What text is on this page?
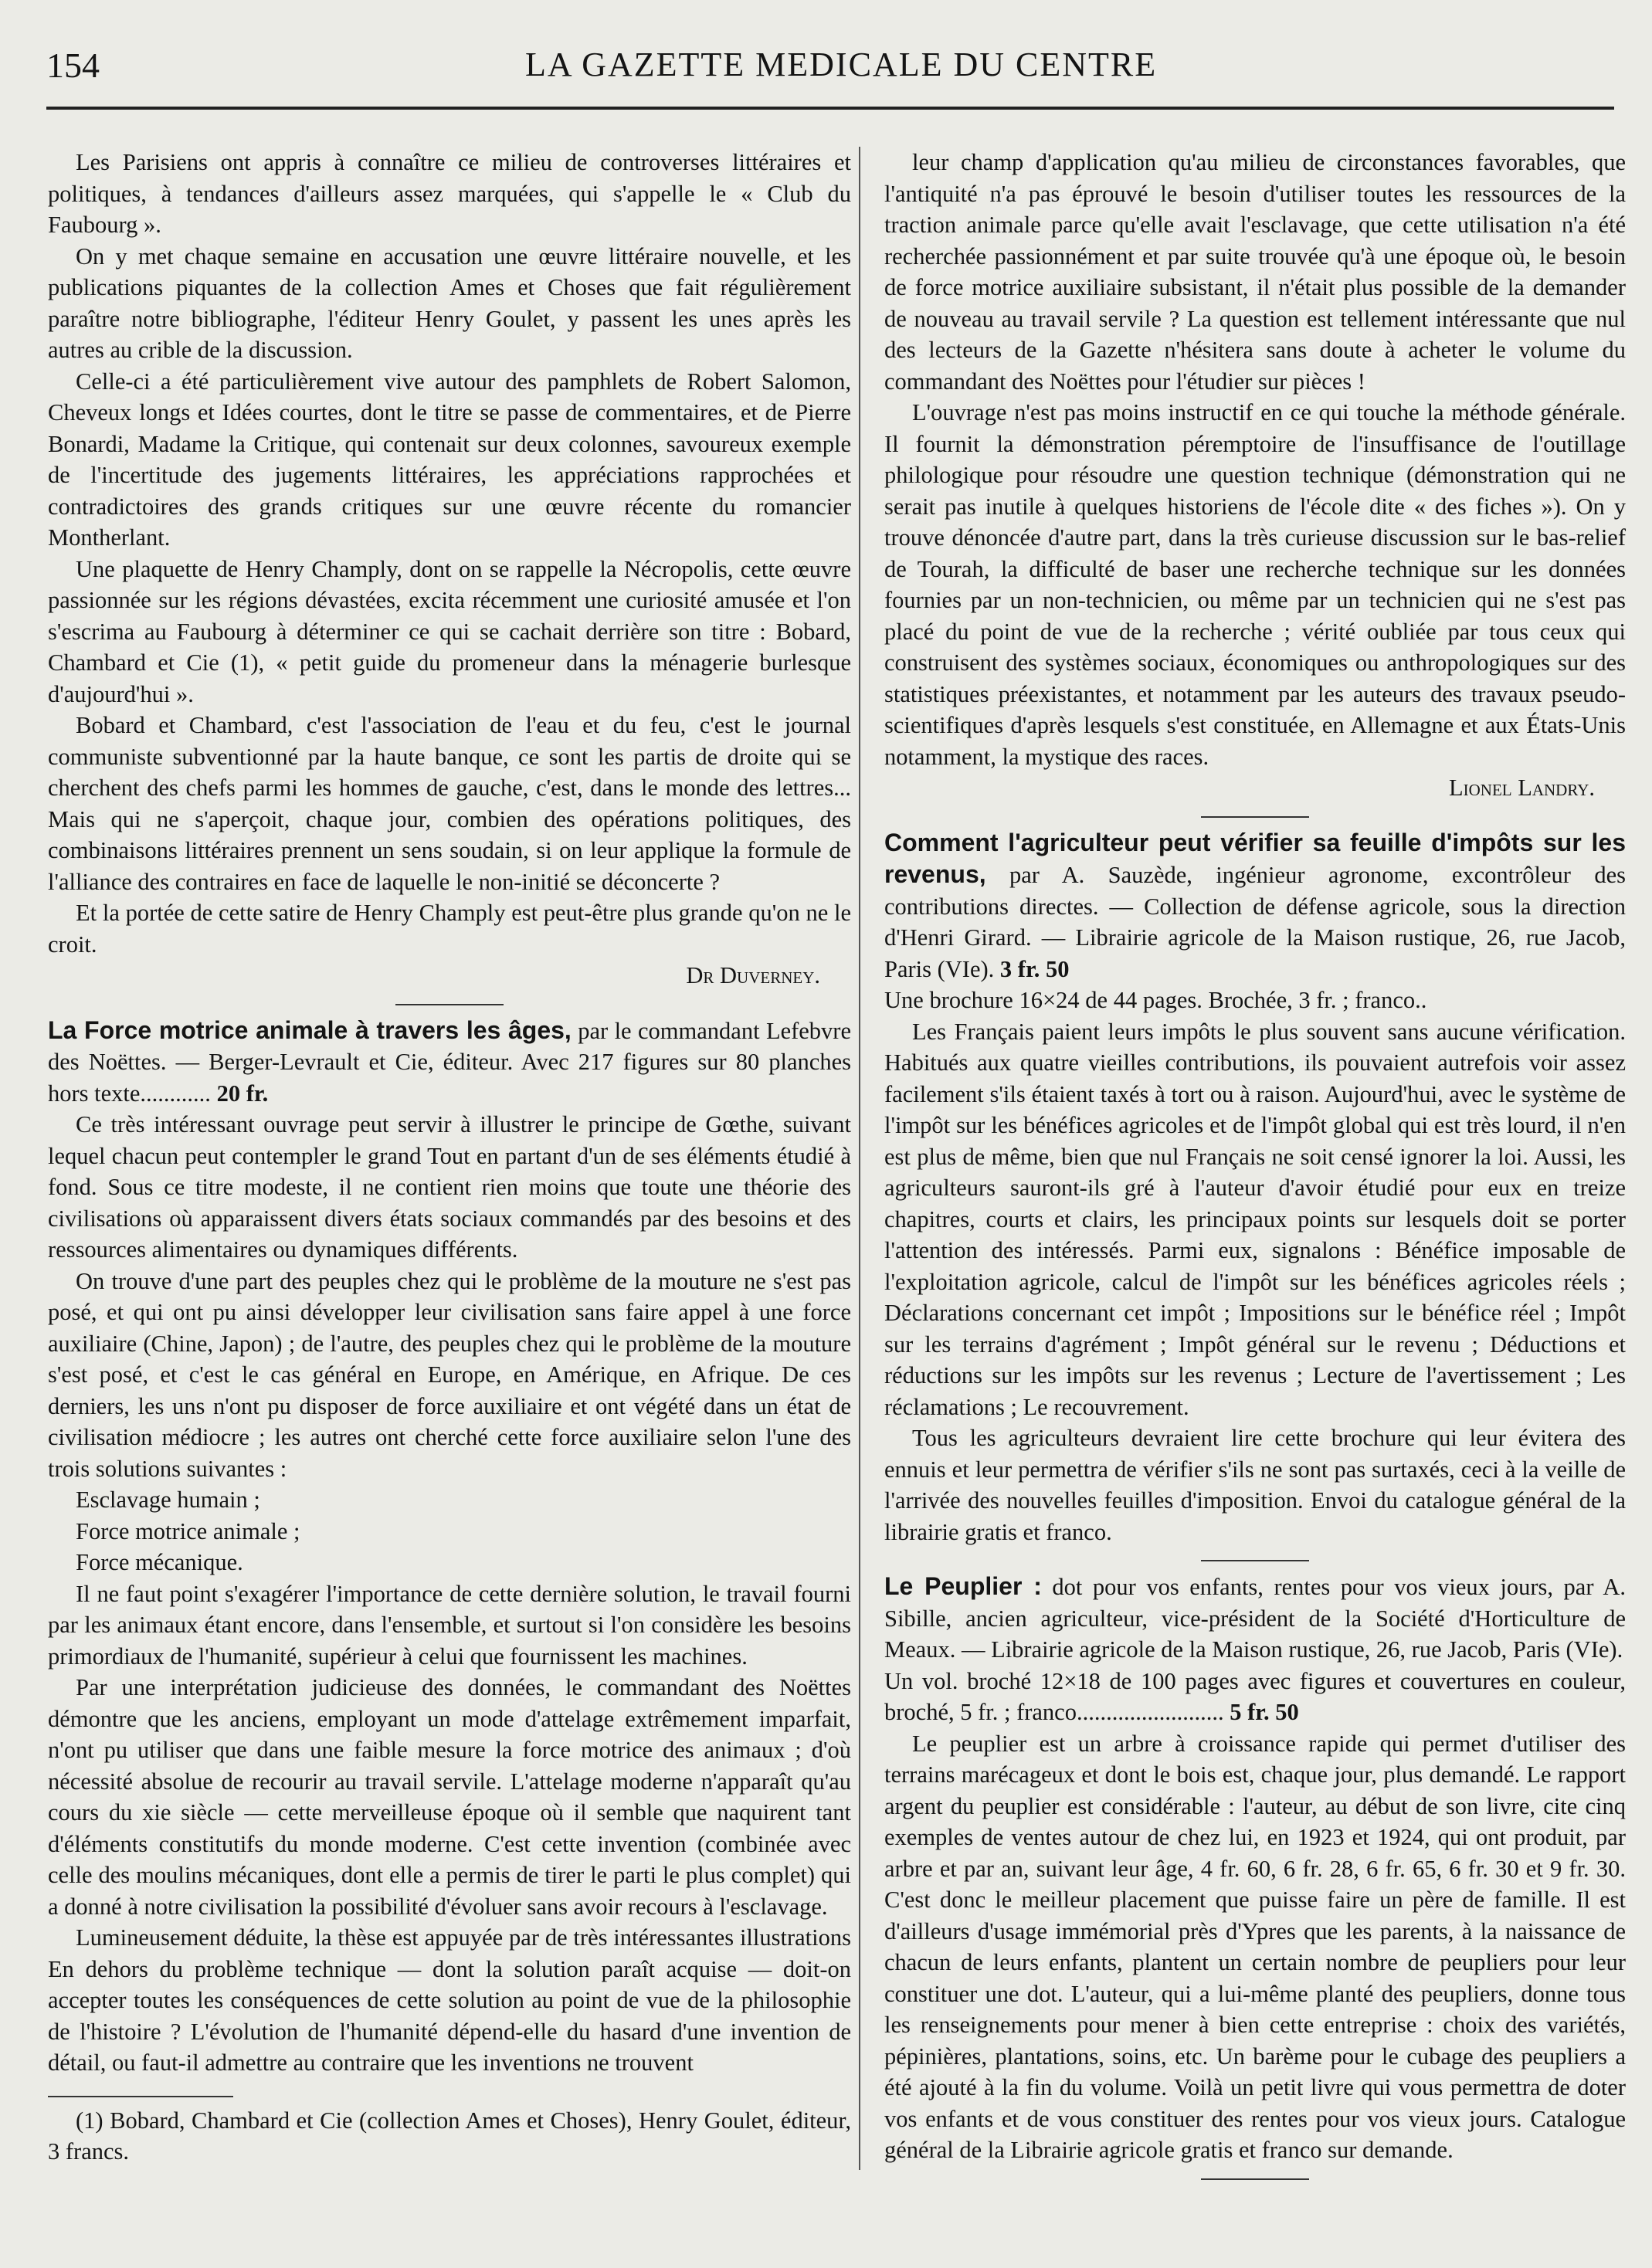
154	LA GAZETTE MEDICALE DU CENTRE

Les Parisiens ont appris à connaître ce milieu de controverses littéraires et politiques, à tendances d'ailleurs assez marquées, qui s'appelle le « Club du Faubourg ».

On y met chaque semaine en accusation une œuvre littéraire nouvelle, et les publications piquantes de la collection Ames et Choses que fait régulièrement paraître notre bibliographe, l'éditeur Henry Goulet, y passent les unes après les autres au crible de la discussion.

Celle-ci a été particulièrement vive autour des pamphlets de Robert Salomon, Cheveux longs et Idées courtes, dont le titre se passe de commentaires, et de Pierre Bonardi, Madame la Critique, qui contenait sur deux colonnes, savoureux exemple de l'incertitude des jugements littéraires, les appréciations rapprochées et contradictoires des grands critiques sur une œuvre récente du romancier Montherlant.

Une plaquette de Henry Champly, dont on se rappelle la Nécropolis, cette œuvre passionnée sur les régions dévastées, excita récemment une curiosité amusée et l'on s'escrima au Faubourg à déterminer ce qui se cachait derrière son titre : Bobard, Chambard et Cie (1), « petit guide du promeneur dans la ménagerie burlesque d'aujourd'hui ».

Bobard et Chambard, c'est l'association de l'eau et du feu, c'est le journal communiste subventionné par la haute banque, ce sont les partis de droite qui se cherchent des chefs parmi les hommes de gauche, c'est, dans le monde des lettres... Mais qui ne s'aperçoit, chaque jour, combien des opérations politiques, des combinaisons littéraires prennent un sens soudain, si on leur applique la formule de l'alliance des contraires en face de laquelle le non-initié se déconcerte ?

Et la portée de cette satire de Henry Champly est peut-être plus grande qu'on ne le croit.

Dr Duverney.

La Force motrice animale à travers les âges, par le commandant Lefebvre des Noëttes. — Berger-Levrault et Cie, éditeur. Avec 217 figures sur 80 planches hors texte............ 20 fr.

Ce très intéressant ouvrage peut servir à illustrer le principe de Gœthe, suivant lequel chacun peut contempler le grand Tout en partant d'un de ses éléments étudié à fond. Sous ce titre modeste, il ne contient rien moins que toute une théorie des civilisations où apparaissent divers états sociaux commandés par des besoins et des ressources alimentaires ou dynamiques différents.

On trouve d'une part des peuples chez qui le problème de la mouture ne s'est pas posé, et qui ont pu ainsi développer leur civilisation sans faire appel à une force auxiliaire (Chine, Japon) ; de l'autre, des peuples chez qui le problème de la mouture s'est posé, et c'est le cas général en Europe, en Amérique, en Afrique. De ces derniers, les uns n'ont pu disposer de force auxiliaire et ont végété dans un état de civilisation médiocre ; les autres ont cherché cette force auxiliaire selon l'une des trois solutions suivantes :

Esclavage humain ;

Force motrice animale ;

Force mécanique.

Il ne faut point s'exagérer l'importance de cette dernière solution, le travail fourni par les animaux étant encore, dans l'ensemble, et surtout si l'on considère les besoins primordiaux de l'humanité, supérieur à celui que fournissent les machines.

Par une interprétation judicieuse des données, le commandant des Noëttes démontre que les anciens, employant un mode d'attelage extrêmement imparfait, n'ont pu utiliser que dans une faible mesure la force motrice des animaux ; d'où nécessité absolue de recourir au travail servile. L'attelage moderne n'apparaît qu'au cours du xie siècle — cette merveilleuse époque où il semble que naquirent tant d'éléments constitutifs du monde moderne. C'est cette invention (combinée avec celle des moulins mécaniques, dont elle a permis de tirer le parti le plus complet) qui a donné à notre civilisation la possibilité d'évoluer sans avoir recours à l'esclavage.

Lumineusement déduite, la thèse est appuyée par de très intéressantes illustrations En dehors du problème technique — dont la solution paraît acquise — doit-on accepter toutes les conséquences de cette solution au point de vue de la philosophie de l'histoire ? L'évolution de l'humanité dépend-elle du hasard d'une invention de détail, ou faut-il admettre au contraire que les inventions ne trouvent

(1) Bobard, Chambard et Cie (collection Ames et Choses), Henry Goulet, éditeur, 3 francs.

leur champ d'application qu'au milieu de circonstances favorables, que l'antiquité n'a pas éprouvé le besoin d'utiliser toutes les ressources de la traction animale parce qu'elle avait l'esclavage, que cette utilisation n'a été recherchée passionnément et par suite trouvée qu'à une époque où, le besoin de force motrice auxiliaire subsistant, il n'était plus possible de la demander de nouveau au travail servile ? La question est tellement intéressante que nul des lecteurs de la Gazette n'hésitera sans doute à acheter le volume du commandant des Noëttes pour l'étudier sur pièces !

L'ouvrage n'est pas moins instructif en ce qui touche la méthode générale. Il fournit la démonstration péremptoire de l'insuffisance de l'outillage philologique pour résoudre une question technique (démonstration qui ne serait pas inutile à quelques historiens de l'école dite « des fiches »). On y trouve dénoncée d'autre part, dans la très curieuse discussion sur le bas-relief de Tourah, la difficulté de baser une recherche technique sur les données fournies par un non-technicien, ou même par un technicien qui ne s'est pas placé du point de vue de la recherche ; vérité oubliée par tous ceux qui construisent des systèmes sociaux, économiques ou anthropologiques sur des statistiques préexistantes, et notamment par les auteurs des travaux pseudo-scientifiques d'après lesquels s'est constituée, en Allemagne et aux États-Unis notamment, la mystique des races.

Lionel Landry.

Comment l'agriculteur peut vérifier sa feuille d'impôts sur les revenus, par A. Sauzède, ingénieur agronome, excontrôleur des contributions directes. — Collection de défense agricole, sous la direction d'Henri Girard. — Librairie agricole de la Maison rustique, 26, rue Jacob, Paris (VIe). 3 fr. 50

Une brochure 16×24 de 44 pages. Brochée, 3 fr. ; franco..

Les Français paient leurs impôts le plus souvent sans aucune vérification. Habitués aux quatre vieilles contributions, ils pouvaient autrefois voir assez facilement s'ils étaient taxés à tort ou à raison. Aujourd'hui, avec le système de l'impôt sur les bénéfices agricoles et de l'impôt global qui est très lourd, il n'en est plus de même, bien que nul Français ne soit censé ignorer la loi. Aussi, les agriculteurs sauront-ils gré à l'auteur d'avoir étudié pour eux en treize chapitres, courts et clairs, les principaux points sur lesquels doit se porter l'attention des intéressés. Parmi eux, signalons : Bénéfice imposable de l'exploitation agricole, calcul de l'impôt sur les bénéfices agricoles réels ; Déclarations concernant cet impôt ; Impositions sur le bénéfice réel ; Impôt sur les terrains d'agrément ; Impôt général sur le revenu ; Déductions et réductions sur les impôts sur les revenus ; Lecture de l'avertissement ; Les réclamations ; Le recouvrement.

Tous les agriculteurs devraient lire cette brochure qui leur évitera des ennuis et leur permettra de vérifier s'ils ne sont pas surtaxés, ceci à la veille de l'arrivée des nouvelles feuilles d'imposition. Envoi du catalogue général de la librairie gratis et franco.

Le Peuplier : dot pour vos enfants, rentes pour vos vieux jours, par A. Sibille, ancien agriculteur, vice-président de la Société d'Horticulture de Meaux. — Librairie agricole de la Maison rustique, 26, rue Jacob, Paris (VIe).

Un vol. broché 12×18 de 100 pages avec figures et couvertures en couleur, broché, 5 fr. ; franco......................... 5 fr. 50

Le peuplier est un arbre à croissance rapide qui permet d'utiliser des terrains marécageux et dont le bois est, chaque jour, plus demandé. Le rapport argent du peuplier est considérable : l'auteur, au début de son livre, cite cinq exemples de ventes autour de chez lui, en 1923 et 1924, qui ont produit, par arbre et par an, suivant leur âge, 4 fr. 60, 6 fr. 28, 6 fr. 65, 6 fr. 30 et 9 fr. 30. C'est donc le meilleur placement que puisse faire un père de famille. Il est d'ailleurs d'usage immémorial près d'Ypres que les parents, à la naissance de chacun de leurs enfants, plantent un certain nombre de peupliers pour leur constituer une dot. L'auteur, qui a lui-même planté des peupliers, donne tous les renseignements pour mener à bien cette entreprise : choix des variétés, pépinières, plantations, soins, etc. Un barème pour le cubage des peupliers a été ajouté à la fin du volume. Voilà un petit livre qui vous permettra de doter vos enfants et de vous constituer des rentes pour vos vieux jours. Catalogue général de la Librairie agricole gratis et franco sur demande.
